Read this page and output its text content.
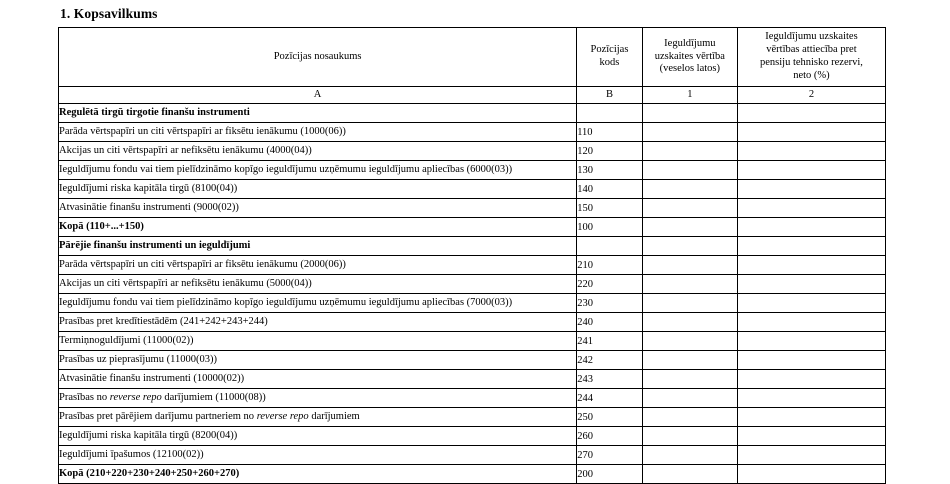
1. Kopsavilkums
Pozīcijas nosaukums	
Pozīcijas
kods

Ieguldījumu
uzskaites vērtība
(veselos latos)

Ieguldījumu uzskaites
vērtības attiecība pret
pensiju tehnisko rezervi,
neto (%)

A	B	1	2
Regulētā tirgū tirgotie finanšu instrumenti			
Parāda vērtspapīri un citi vērtspapīri ar fiksētu ienākumu (1000(06))	110		
Akcijas un citi vērtspapīri ar nefiksētu ienākumu (4000(04))	120		
Ieguldījumu fondu vai tiem pielīdzināmo kopīgo ieguldījumu uzņēmumu ieguldījumu apliecības (6000(03))	130		
Ieguldījumi riska kapitāla tirgū (8100(04))	140		
Atvasinātie finanšu instrumenti (9000(02))	150		
Kopā (110+...+150)	100		
Pārējie finanšu instrumenti un ieguldījumi			
Parāda vērtspapīri un citi vērtspapīri ar fiksētu ienākumu (2000(06))	210		
Akcijas un citi vērtspapīri ar nefiksētu ienākumu (5000(04))	220		
Ieguldījumu fondu vai tiem pielīdzināmo kopīgo ieguldījumu uzņēmumu ieguldījumu apliecības (7000(03))	230		
Prasības pret kredītiestādēm (241+242+243+244)	240		
Termiņnoguldījumi (11000(02))	241		
Prasības uz pieprasījumu (11000(03))	242		
Atvasinātie finanšu instrumenti (10000(02))	243		
Prasības no reverse repo darījumiem (11000(08))	244		
Prasības pret pārējiem darījumu partneriem no reverse repo darījumiem	250		
Ieguldījumi riska kapitāla tirgū (8200(04))	260		
Ieguldījumi īpašumos (12100(02))	270		
Kopā (210+220+230+240+250+260+270)	200		
